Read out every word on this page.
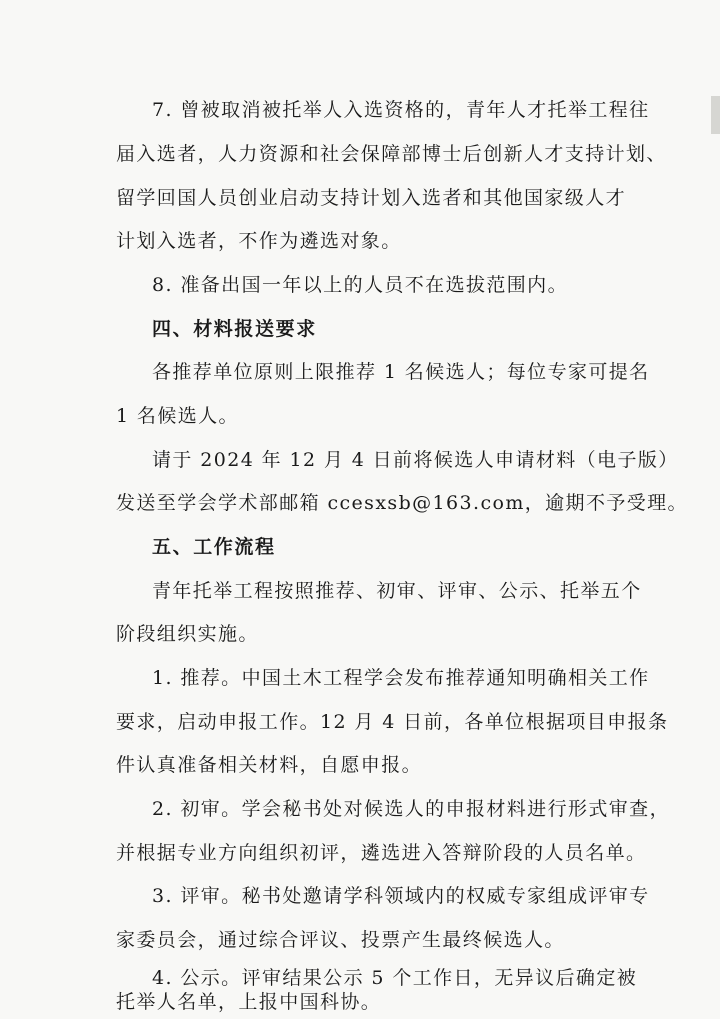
7. 曾被取消被托举人入选资格的，青年人才托举工程往
届入选者，人力资源和社会保障部博士后创新人才支持计划、
留学回国人员创业启动支持计划入选者和其他国家级人才
计划入选者，不作为遴选对象。
8. 准备出国一年以上的人员不在选拔范围内。
四、材料报送要求
各推荐单位原则上限推荐 1 名候选人；每位专家可提名
1 名候选人。
请于 2024 年 12 月 4 日前将候选人申请材料（电子版）
发送至学会学术部邮箱 ccesxsb@163.com，逾期不予受理。
五、工作流程
青年托举工程按照推荐、初审、评审、公示、托举五个
阶段组织实施。
1. 推荐。中国土木工程学会发布推荐通知明确相关工作
要求，启动申报工作。12 月 4 日前，各单位根据项目申报条
件认真准备相关材料，自愿申报。
2. 初审。学会秘书处对候选人的申报材料进行形式审查，
并根据专业方向组织初评，遴选进入答辩阶段的人员名单。
3. 评审。秘书处邀请学科领域内的权威专家组成评审专
家委员会，通过综合评议、投票产生最终候选人。
4. 公示。评审结果公示 5 个工作日，无异议后确定被
托举人名单，上报中国科协。
